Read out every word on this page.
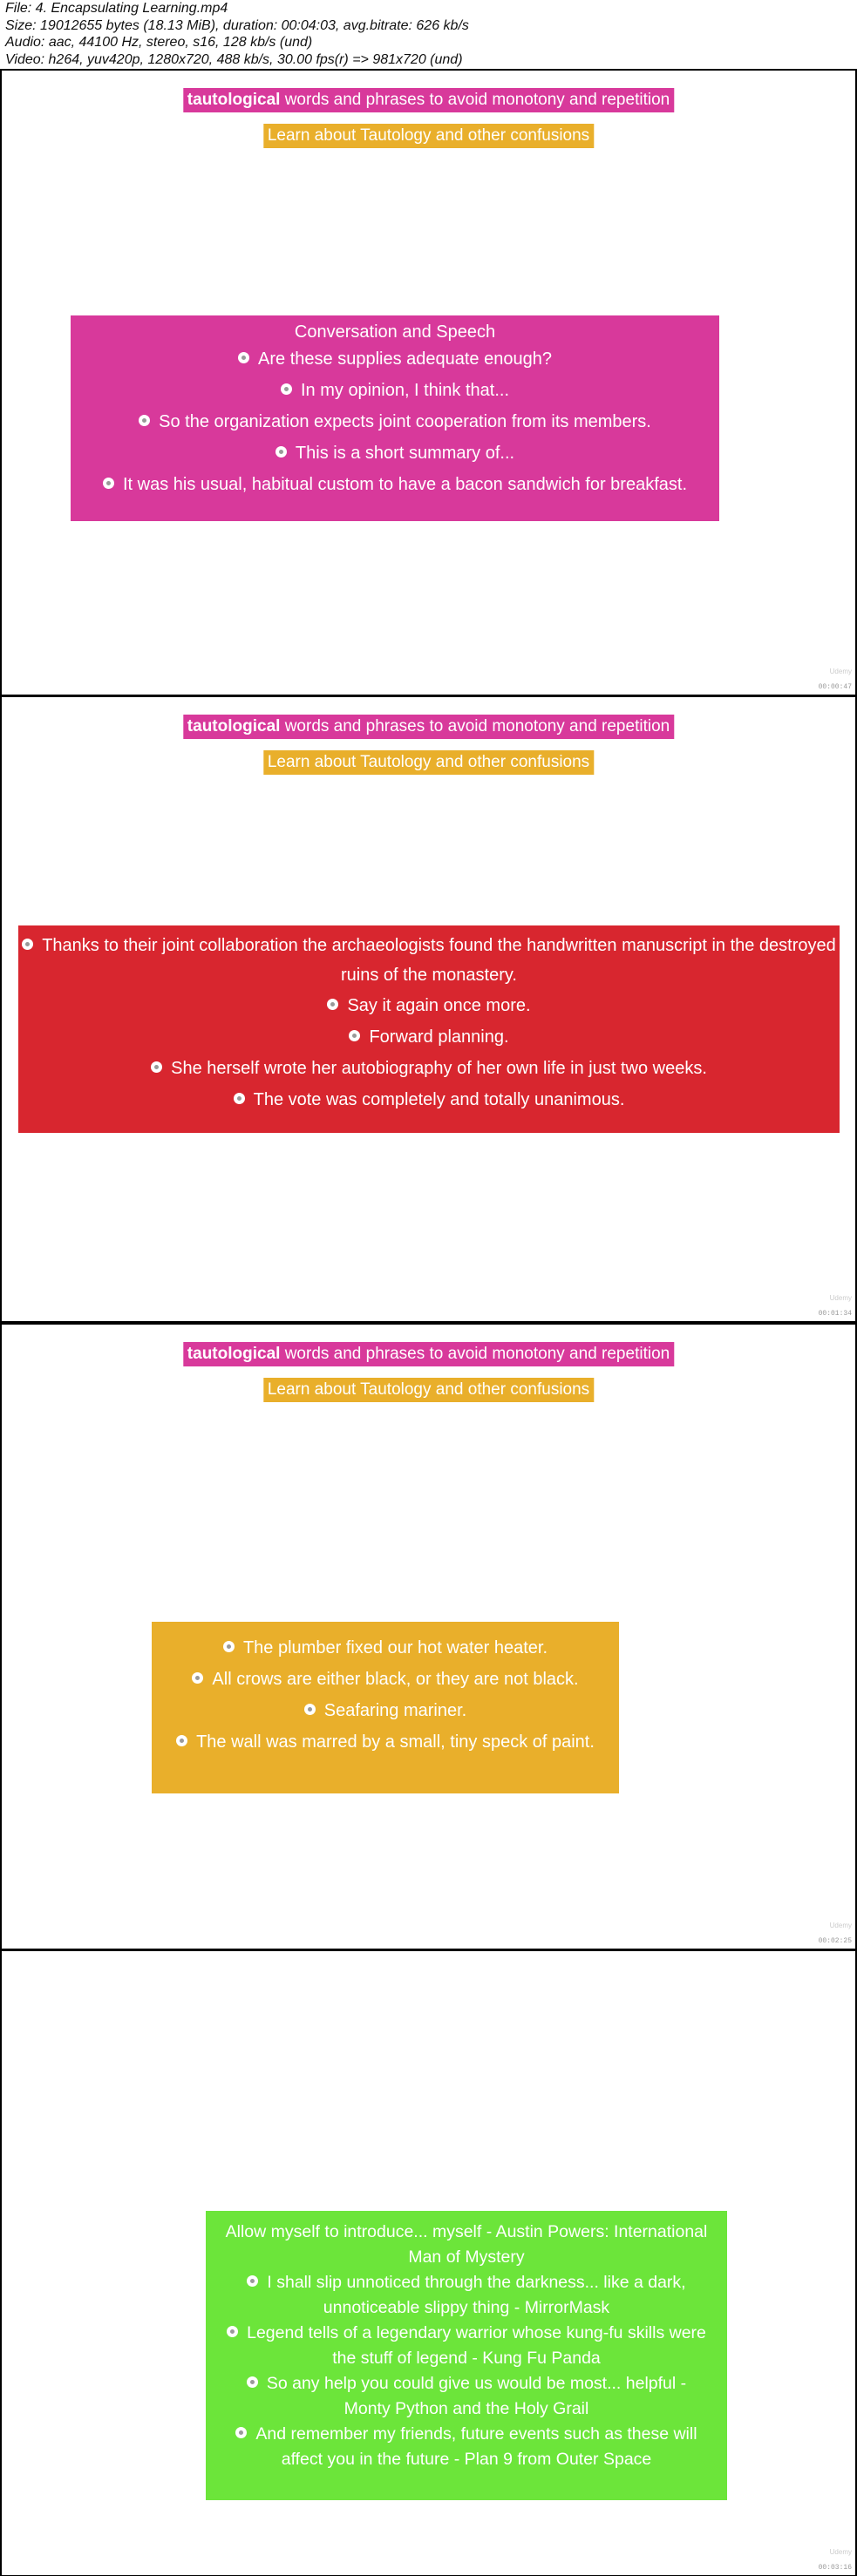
File: 4. Encapsulating Learning.mp4
Size: 19012655 bytes (18.13 MiB), duration: 00:04:03, avg.bitrate: 626 kb/s
Audio: aac, 44100 Hz, stereo, s16, 128 kb/s (und)
Video: h264, yuv420p, 1280x720, 488 kb/s, 30.00 fps(r) => 981x720 (und)
tautological words and phrases to avoid monotony and repetition
Learn about Tautology and other confusions
Conversation and Speech
Are these supplies adequate enough?
In my opinion, I think that...
So the organization expects joint cooperation from its members.
This is a short summary of...
It was his usual, habitual custom to have a bacon sandwich for breakfast.
Udemy
00:00:47
tautological words and phrases to avoid monotony and repetition
Learn about Tautology and other confusions
Thanks to their joint collaboration the archaeologists found the handwritten manuscript in the destroyed ruins of the monastery.
Say it again once more.
Forward planning.
She herself wrote her autobiography of her own life in just two weeks.
The vote was completely and totally unanimous.
Udemy
00:01:34
tautological words and phrases to avoid monotony and repetition
Learn about Tautology and other confusions
The plumber fixed our hot water heater.
All crows are either black, or they are not black.
Seafaring mariner.
The wall was marred by a small, tiny speck of paint.
Udemy
00:02:25
Allow myself to introduce... myself - Austin Powers: International Man of Mystery
I shall slip unnoticed through the darkness... like a dark, unnoticeable slippy thing - MirrorMask
Legend tells of a legendary warrior whose kung-fu skills were the stuff of legend - Kung Fu Panda
So any help you could give us would be most... helpful - Monty Python and the Holy Grail
And remember my friends, future events such as these will affect you in the future - Plan 9 from Outer Space
Udemy
00:03:16
